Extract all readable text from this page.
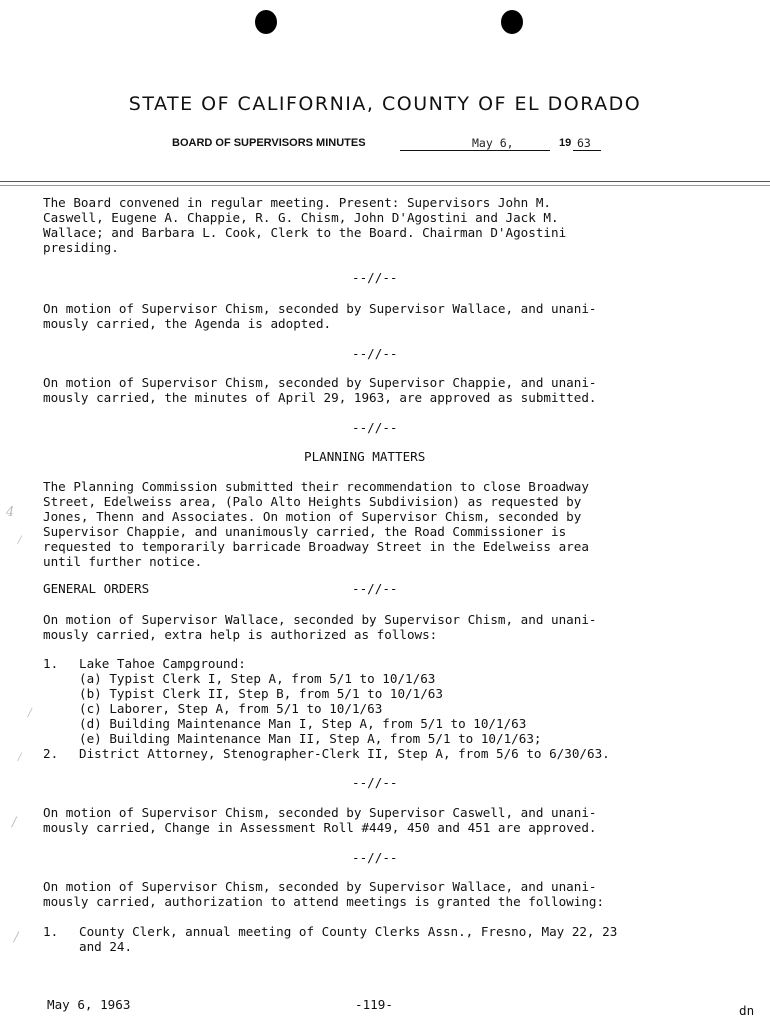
STATE OF CALIFORNIA, COUNTY OF EL DORADO
BOARD OF SUPERVISORS MINUTES	May 6,	19 63
The Board convened in regular meeting. Present: Supervisors John M.
Caswell, Eugene A. Chappie, R. G. Chism, John D'Agostini and Jack M.
Wallace; and Barbara L. Cook, Clerk to the Board. Chairman D'Agostini
presiding.
--//--
On motion of Supervisor Chism, seconded by Supervisor Wallace, and unani-
mously carried, the Agenda is adopted.
--//--
On motion of Supervisor Chism, seconded by Supervisor Chappie, and unani-
mously carried, the minutes of April 29, 1963, are approved as submitted.
--//--
PLANNING MATTERS
The Planning Commission submitted their recommendation to close Broadway
Street, Edelweiss area, (Palo Alto Heights Subdivision) as requested by
Jones, Thenn and Associates. On motion of Supervisor Chism, seconded by
Supervisor Chappie, and unanimously carried, the Road Commissioner is
requested to temporarily barricade Broadway Street in the Edelweiss area
until further notice.
4
/
GENERAL ORDERS	--//--
On motion of Supervisor Wallace, seconded by Supervisor Chism, and unani-
mously carried, extra help is authorized as follows:
1. Lake Tahoe Campground:
(a) Typist Clerk I, Step A, from 5/1 to 10/1/63
(b) Typist Clerk II, Step B, from 5/1 to 10/1/63
(c) Laborer, Step A, from 5/1 to 10/1/63
(d) Building Maintenance Man I, Step A, from 5/1 to 10/1/63
(e) Building Maintenance Man II, Step A, from 5/1 to 10/1/63;
2. District Attorney, Stenographer-Clerk II, Step A, from 5/6 to 6/30/63.
/
/
--//--
On motion of Supervisor Chism, seconded by Supervisor Caswell, and unani-
mously carried, Change in Assessment Roll #449, 450 and 451 are approved.
/
--//--
On motion of Supervisor Chism, seconded by Supervisor Wallace, and unani-
mously carried, authorization to attend meetings is granted the following:
1. County Clerk, annual meeting of County Clerks Assn., Fresno, May 22, 23
and 24.
/
May 6, 1963	-119-	dn
